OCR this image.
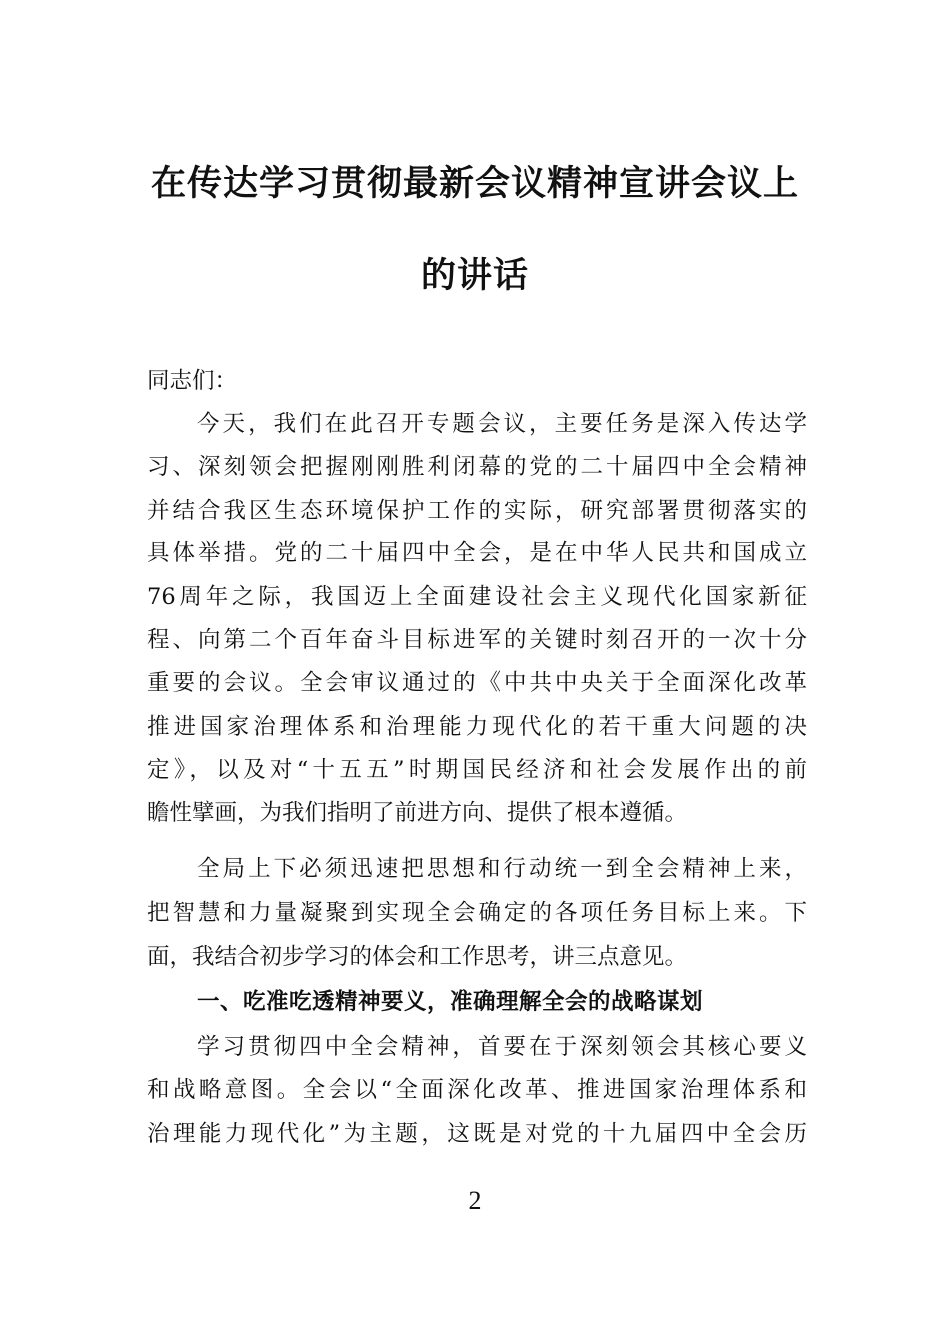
在传达学习贯彻最新会议精神宣讲会议上
的讲话
同志们：
今天，我们在此召开专题会议，主要任务是深入传达学
习、深刻领会把握刚刚胜利闭幕的党的二十届四中全会精神
并结合我区生态环境保护工作的实际，研究部署贯彻落实的
具体举措。党的二十届四中全会，是在中华人民共和国成立
76周年之际，我国迈上全面建设社会主义现代化国家新征
程、向第二个百年奋斗目标进军的关键时刻召开的一次十分
重要的会议。全会审议通过的《中共中央关于全面深化改革
推进国家治理体系和治理能力现代化的若干重大问题的决
定》，以及对“十五五”时期国民经济和社会发展作出的前
瞻性擘画，为我们指明了前进方向、提供了根本遵循。
全局上下必须迅速把思想和行动统一到全会精神上来，
把智慧和力量凝聚到实现全会确定的各项任务目标上来。下
面，我结合初步学习的体会和工作思考，讲三点意见。
一、吃准吃透精神要义，准确理解全会的战略谋划
学习贯彻四中全会精神，首要在于深刻领会其核心要义
和战略意图。全会以“全面深化改革、推进国家治理体系和
治理能力现代化”为主题，这既是对党的十九届四中全会历
2
